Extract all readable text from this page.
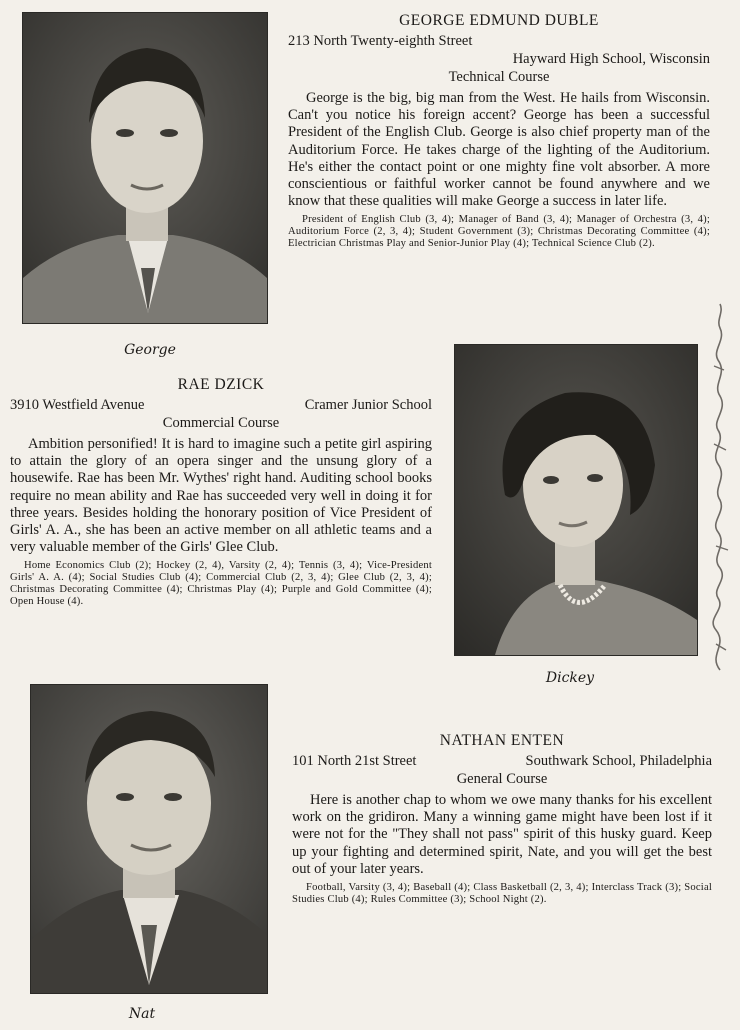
George
GEORGE EDMUND DUBLE
213 North Twenty-eighth Street
Hayward High School, Wisconsin
Technical Course

George is the big, big man from the West. He hails from Wisconsin. Can't you notice his foreign accent? George has been a successful President of the English Club. George is also chief property man of the Auditorium Force. He takes charge of the lighting of the Auditorium. He's either the contact point or one mighty fine volt absorber. A more conscientious or faithful worker cannot be found anywhere and we know that these qualities will make George a success in later life.

President of English Club (3, 4); Manager of Band (3, 4); Manager of Orchestra (3, 4); Auditorium Force (2, 3, 4); Student Government (3); Christmas Decorating Committee (4); Electrician Christmas Play and Senior-Junior Play (4); Technical Science Club (2).

RAE DZICK
3910 Westfield Avenue	Cramer Junior School
Commercial Course

Ambition personified! It is hard to imagine such a petite girl aspiring to attain the glory of an opera singer and the unsung glory of a housewife. Rae has been Mr. Wythes' right hand. Auditing school books require no mean ability and Rae has succeeded very well in doing it for three years. Besides holding the honorary position of Vice President of Girls' A. A., she has been an active member on all athletic teams and a very valuable member of the Girls' Glee Club.

Home Economics Club (2); Hockey (2, 4), Varsity (2, 4); Tennis (3, 4); Vice-President Girls' A. A. (4); Social Studies Club (4); Commercial Club (2, 3, 4); Glee Club (2, 3, 4); Christmas Decorating Committee (4); Christmas Play (4); Purple and Gold Committee (4); Open House (4).

Dickey
Nat
NATHAN ENTEN
101 North 21st Street	Southwark School, Philadelphia
General Course

Here is another chap to whom we owe many thanks for his excellent work on the gridiron. Many a winning game might have been lost if it were not for the "They shall not pass" spirit of this husky guard. Keep up your fighting and determined spirit, Nate, and you will get the best out of your later years.

Football, Varsity (3, 4); Baseball (4); Class Basketball (2, 3, 4); Interclass Track (3); Social Studies Club (4); Rules Committee (3); School Night (2).
